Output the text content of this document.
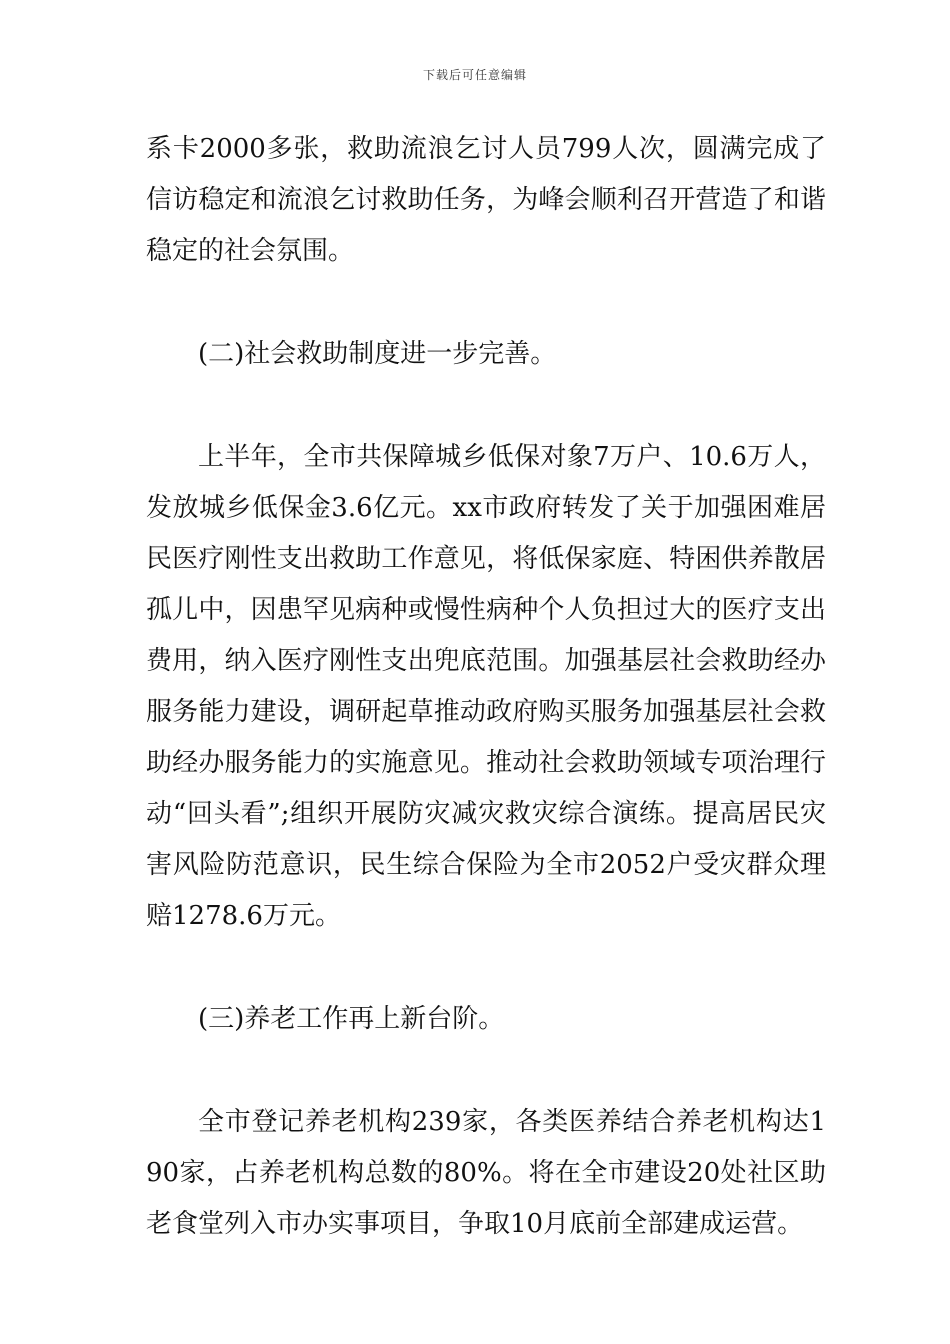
下载后可任意编辑

系卡2000多张，救助流浪乞讨人员799人次，圆满完成了信访稳定和流浪乞讨救助任务，为峰会顺利召开营造了和谐稳定的社会氛围。

(二)社会救助制度进一步完善。

上半年，全市共保障城乡低保对象7万户、10.6万人，发放城乡低保金3.6亿元。xx市政府转发了关于加强困难居民医疗刚性支出救助工作意见，将低保家庭、特困供养散居孤儿中，因患罕见病种或慢性病种个人负担过大的医疗支出费用，纳入医疗刚性支出兜底范围。加强基层社会救助经办服务能力建设，调研起草推动政府购买服务加强基层社会救助经办服务能力的实施意见。推动社会救助领域专项治理行动“回头看”;组织开展防灾减灾救灾综合演练。提高居民灾害风险防范意识，民生综合保险为全市2052户受灾群众理赔1278.6万元。

(三)养老工作再上新台阶。

全市登记养老机构239家，各类医养结合养老机构达190家，占养老机构总数的80%。将在全市建设20处社区助老食堂列入市办实事项目，争取10月底前全部建成运营。
